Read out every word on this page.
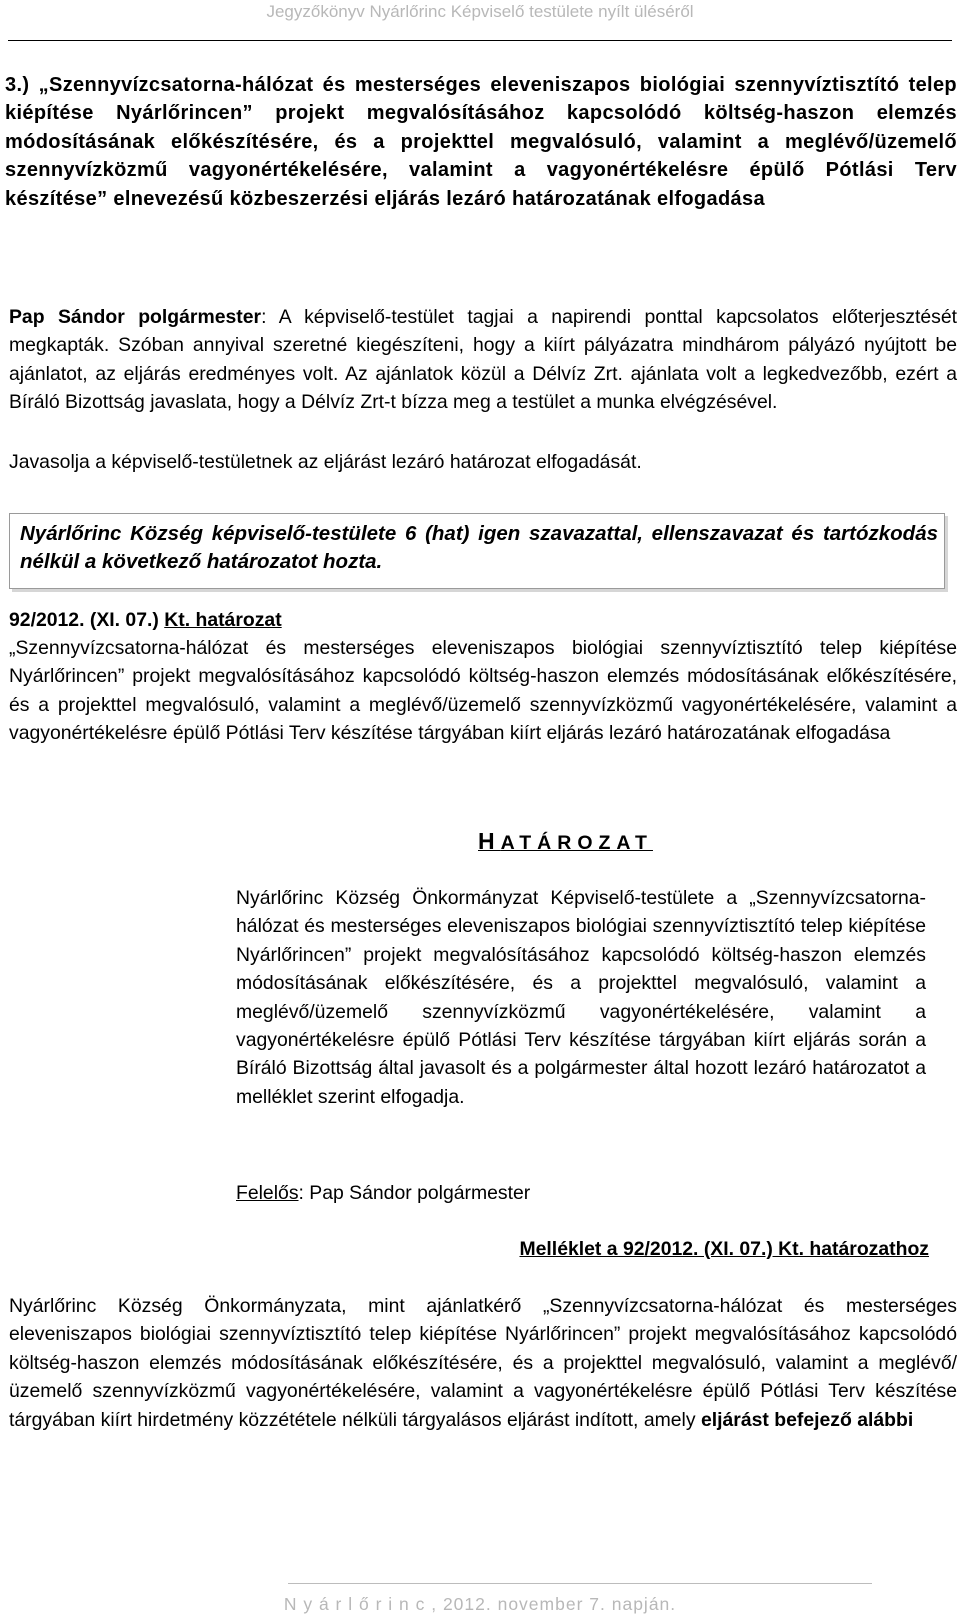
Jegyzőkönyv Nyárlőrinc Képviselő testülete nyílt üléséről

3.) „Szennyvízcsatorna-hálózat és mesterséges eleveniszapos biológiai szennyvíztisztító telep kiépítése Nyárlőrincen” projekt megvalósításához kapcsolódó költség-haszon elemzés módosításának előkészítésére, és a projekttel megvalósuló, valamint a meglévő/üzemelő szennyvízközmű vagyonértékelésére, valamint a vagyonértékelésre épülő Pótlási Terv készítése” elnevezésű közbeszerzési eljárás lezáró határozatának elfogadása

Pap Sándor polgármester: A képviselő-testület tagjai a napirendi ponttal kapcsolatos előterjesztését megkapták. Szóban annyival szeretné kiegészíteni, hogy a kiírt pályázatra mindhárom pályázó nyújtott be ajánlatot, az eljárás eredményes volt. Az ajánlatok közül a Délvíz Zrt. ajánlata volt a legkedvezőbb, ezért a Bíráló Bizottság javaslata, hogy a Délvíz Zrt-t bízza meg a testület a munka elvégzésével.

Javasolja a képviselő-testületnek az eljárást lezáró határozat elfogadását.

Nyárlőrinc Község képviselő-testülete 6 (hat) igen szavazattal, ellenszavazat és tartózkodás nélkül a következő határozatot hozta.

92/2012. (XI. 07.) Kt. határozat

„Szennyvízcsatorna-hálózat és mesterséges eleveniszapos biológiai szennyvíztisztító telep kiépítése Nyárlőrincen” projekt megvalósításához kapcsolódó költség-haszon elemzés módosításának előkészítésére, és a projekttel megvalósuló, valamint a meglévő/üzemelő szennyvízközmű vagyonértékelésére, valamint a vagyonértékelésre épülő Pótlási Terv készítése tárgyában kiírt eljárás lezáró határozatának elfogadása

HATÁROZAT

Nyárlőrinc Község Önkormányzat Képviselő-testülete a „Szennyvízcsatorna-hálózat és mesterséges eleveniszapos biológiai szennyvíztisztító telep kiépítése Nyárlőrincen” projekt megvalósításához kapcsolódó költség-haszon elemzés módosításának előkészítésére, és a projekttel megvalósuló, valamint a meglévő/üzemelő szennyvízközmű vagyonértékelésére, valamint a vagyonértékelésre épülő Pótlási Terv készítése tárgyában kiírt eljárás során a Bíráló Bizottság által javasolt és a polgármester által hozott lezáró határozatot a melléklet szerint elfogadja.

Felelős: Pap Sándor polgármester

Melléklet a 92/2012. (XI. 07.) Kt. határozathoz

Nyárlőrinc Község Önkormányzata, mint ajánlatkérő „Szennyvízcsatorna-hálózat és mesterséges eleveniszapos biológiai szennyvíztisztító telep kiépítése Nyárlőrincen” projekt megvalósításához kapcsolódó költség-haszon elemzés módosításának előkészítésére, és a projekttel megvalósuló, valamint a meglévő/üzemelő szennyvízközmű vagyonértékelésére, valamint a vagyonértékelésre épülő Pótlási Terv készítése tárgyában kiírt hirdetmény közzététele nélküli tárgyalásos eljárást indított, amely eljárást befejező alábbi

N y á r l ő r i n c , 2012. november 7. napján.
